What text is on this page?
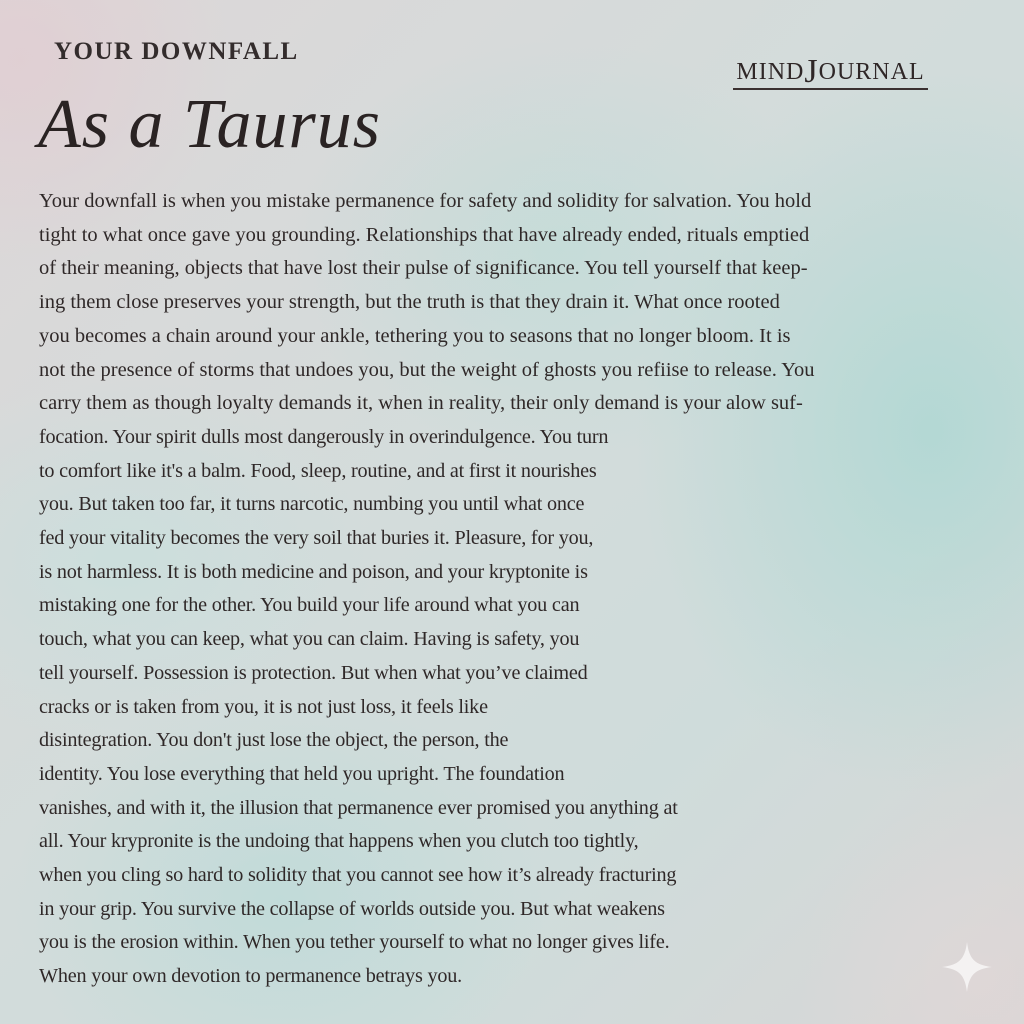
YOUR DOWNFALL
As a Taurus
MINDJOURNAL
Your downfall is when you mistake permanence for safety and solidity for salvation. You hold
tight to what once gave you grounding. Relationships that have already ended, rituals emptied
of their meaning, objects that have lost their pulse of significance. You tell yourself that keep-
ing them close preserves your strength, but the truth is that they drain it. What once rooted
you becomes a chain around your ankle, tethering you to seasons that no longer bloom. It is
not the presence of storms that undoes you, but the weight of ghosts you refiise to release. You
carry them as though loyalty demands it, when in reality, their only demand is your alow suf-
focation. Your spirit dulls most dangerously in overindulgence. You turn
to comfort like it's a balm. Food, sleep, routine, and at first it nourishes
you. But taken too far, it turns narcotic, numbing you until what once
fed your vitality becomes the very soil that buries it. Pleasure, for you,
is not harmless. It is both medicine and poison, and your kryptonite is
mistaking one for the other. You build your life around what you can
touch, what you can keep, what you can claim. Having is safety, you
tell yourself. Possession is protection. But when what you’ve claimed
cracks or is taken from you, it is not just loss, it feels like
disintegration. You don't just lose the object, the person, the
identity. You lose everything that held you upright. The foundation
vanishes, and with it, the illusion that permanence ever promised you anything at
all. Your krypronite is the undoing that happens when you clutch too tightly,
when you cling so hard to solidity that you cannot see how it’s already fracturing
in your grip. You survive the collapse of worlds outside you. But what weakens
you is the erosion within. When you tether yourself to what no longer gives life.
When your own devotion to permanence betrays you.
